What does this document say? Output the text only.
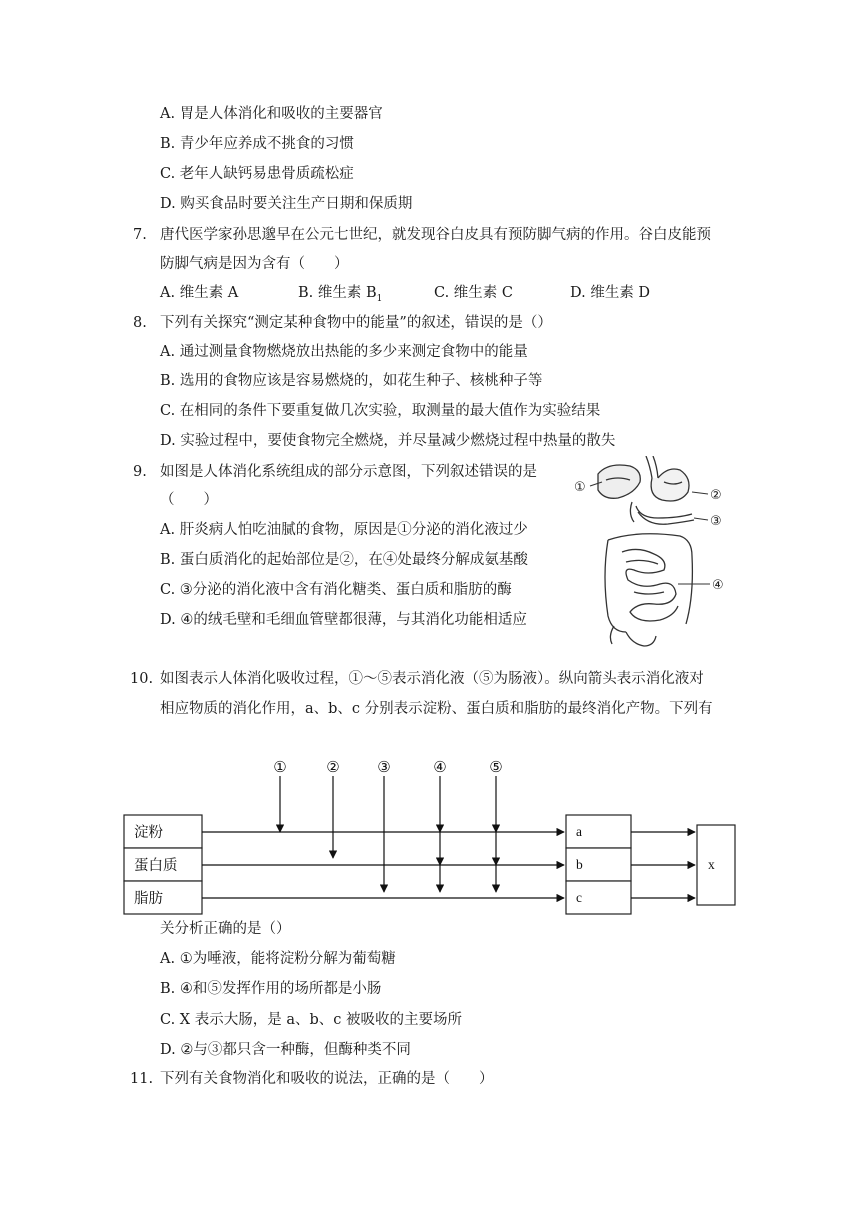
A. 胃是人体消化和吸收的主要器官
B. 青少年应养成不挑食的习惯
C. 老年人缺钙易患骨质疏松症
D. 购买食品时要关注生产日期和保质期
7. 唐代医学家孙思邈早在公元七世纪，就发现谷白皮具有预防脚气病的作用。谷白皮能预
防脚气病是因为含有（　　）
A. 维生素 A	B. 维生素 $B_1$	C. 维生素 C	D. 维生素 D
8. 下列有关探究“测定某种食物中的能量”的叙述，错误的是（）
A. 通过测量食物燃烧放出热能的多少来测定食物中的能量
B. 选用的食物应该是容易燃烧的，如花生种子、核桃种子等
C. 在相同的条件下要重复做几次实验，取测量的最大值作为实验结果
D. 实验过程中，要使食物完全燃烧，并尽量减少燃烧过程中热量的散失
9. 如图是人体消化系统组成的部分示意图，下列叙述错误的是
（　　）
A. 肝炎病人怕吃油腻的食物，原因是①分泌的消化液过少
B. 蛋白质消化的起始部位是②，在④处最终分解成氨基酸
C. ③分泌的消化液中含有消化糖类、蛋白质和脂肪的酶
D. ④的绒毛壁和毛细血管壁都很薄，与其消化功能相适应
①
②
③
④
10. 如图表示人体消化吸收过程，①～⑤表示消化液（⑤为肠液）。纵向箭头表示消化液对
相应物质的消化作用，a、b、c 分别表示淀粉、蛋白质和脂肪的最终消化产物。下列有
①	②	③	④	⑤
淀粉
蛋白质
脂肪
a
b
c
x
关分析正确的是（）
A. ①为唾液，能将淀粉分解为葡萄糖
B. ④和⑤发挥作用的场所都是小肠
C. X 表示大肠，是 a、b、c 被吸收的主要场所
D. ②与③都只含一种酶，但酶种类不同
11. 下列有关食物消化和吸收的说法，正确的是（　　）
